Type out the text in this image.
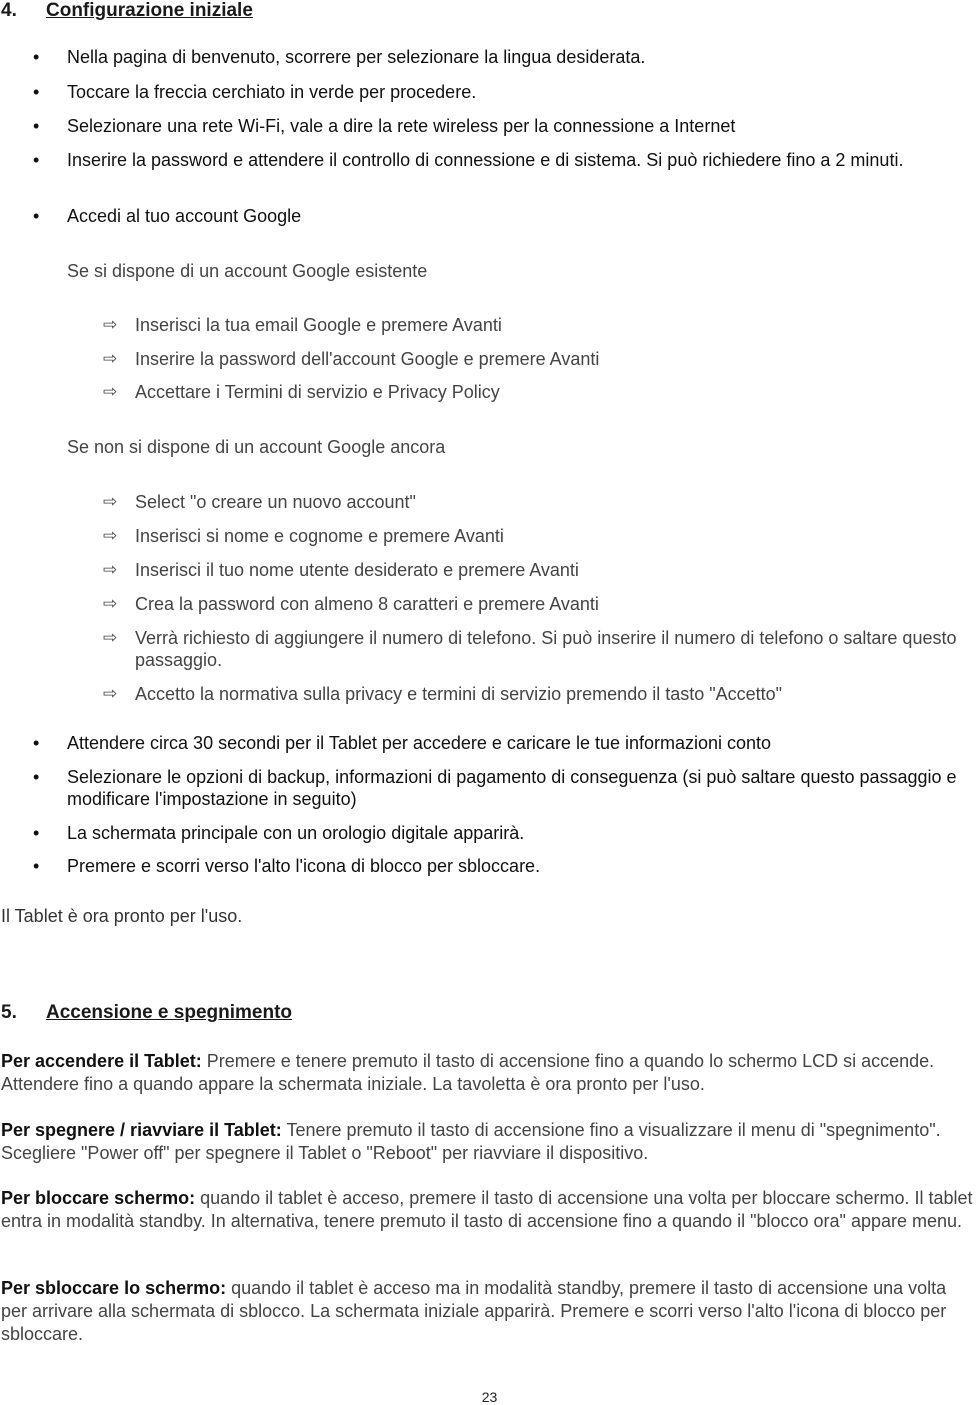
4. Configurazione iniziale
• Nella pagina di benvenuto, scorrere per selezionare la lingua desiderata.
• Toccare la freccia cerchiato in verde per procedere.
• Selezionare una rete Wi-Fi, vale a dire la rete wireless per la connessione a Internet
• Inserire la password e attendere il controllo di connessione e di sistema. Si può richiedere fino a 2 minuti.
• Accedi al tuo account Google
Se si dispone di un account Google esistente
⇨ Inserisci la tua email Google e premere Avanti
⇨ Inserire la password dell'account Google e premere Avanti
⇨ Accettare i Termini di servizio e Privacy Policy
Se non si dispone di un account Google ancora
⇨ Select "o creare un nuovo account"
⇨ Inserisci si nome e cognome e premere Avanti
⇨ Inserisci il tuo nome utente desiderato e premere Avanti
⇨ Crea la password con almeno 8 caratteri e premere Avanti
⇨ Verrà richiesto di aggiungere il numero di telefono. Si può inserire il numero di telefono o saltare questo passaggio.
⇨ Accetto la normativa sulla privacy e termini di servizio premendo il tasto "Accetto"
• Attendere circa 30 secondi per il Tablet per accedere e caricare le tue informazioni conto
• Selezionare le opzioni di backup, informazioni di pagamento di conseguenza (si può saltare questo passaggio e modificare l'impostazione in seguito)
• La schermata principale con un orologio digitale apparirà.
• Premere e scorri verso l'alto l'icona di blocco per sbloccare.
Il Tablet è ora pronto per l'uso.
5. Accensione e spegnimento
Per accendere il Tablet: Premere e tenere premuto il tasto di accensione fino a quando lo schermo LCD si accende. Attendere fino a quando appare la schermata iniziale. La tavoletta è ora pronto per l'uso.
Per spegnere / riavviare il Tablet: Tenere premuto il tasto di accensione fino a visualizzare il menu di "spegnimento". Scegliere "Power off" per spegnere il Tablet o "Reboot" per riavviare il dispositivo.
Per bloccare schermo: quando il tablet è acceso, premere il tasto di accensione una volta per bloccare schermo. Il tablet entra in modalità standby. In alternativa, tenere premuto il tasto di accensione fino a quando il "blocco ora" appare menu.
Per sbloccare lo schermo: quando il tablet è acceso ma in modalità standby, premere il tasto di accensione una volta per arrivare alla schermata di sblocco. La schermata iniziale apparirà. Premere e scorri verso l'alto l'icona di blocco per sbloccare.
23
